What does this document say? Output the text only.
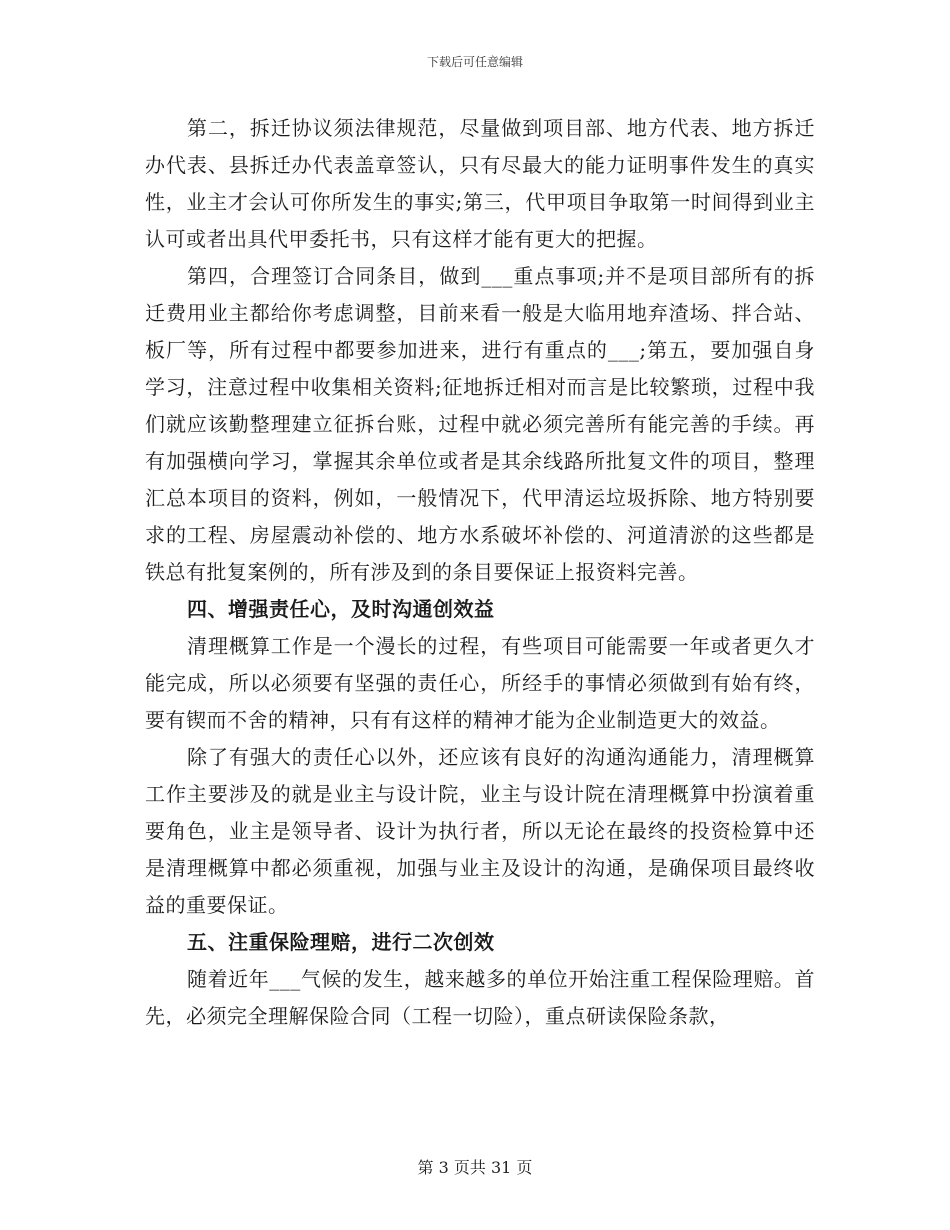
下载后可任意编辑

第二，拆迁协议须法律规范，尽量做到项目部、地方代表、地方拆迁办代表、县拆迁办代表盖章签认，只有尽最大的能力证明事件发生的真实性，业主才会认可你所发生的事实;第三，代甲项目争取第一时间得到业主认可或者出具代甲委托书，只有这样才能有更大的把握。

第四，合理签订合同条目，做到___重点事项;并不是项目部所有的拆迁费用业主都给你考虑调整，目前来看一般是大临用地弃渣场、拌合站、板厂等，所有过程中都要参加进来，进行有重点的___;第五，要加强自身学习，注意过程中收集相关资料;征地拆迁相对而言是比较繁琐，过程中我们就应该勤整理建立征拆台账，过程中就必须完善所有能完善的手续。再有加强横向学习，掌握其余单位或者是其余线路所批复文件的项目，整理汇总本项目的资料，例如，一般情况下，代甲清运垃圾拆除、地方特别要求的工程、房屋震动补偿的、地方水系破坏补偿的、河道清淤的这些都是铁总有批复案例的，所有涉及到的条目要保证上报资料完善。

四、增强责任心，及时沟通创效益

清理概算工作是一个漫长的过程，有些项目可能需要一年或者更久才能完成，所以必须要有坚强的责任心，所经手的事情必须做到有始有终，要有锲而不舍的精神，只有有这样的精神才能为企业制造更大的效益。

除了有强大的责任心以外，还应该有良好的沟通沟通能力，清理概算工作主要涉及的就是业主与设计院，业主与设计院在清理概算中扮演着重要角色，业主是领导者、设计为执行者，所以无论在最终的投资检算中还是清理概算中都必须重视，加强与业主及设计的沟通，是确保项目最终收益的重要保证。

五、注重保险理赔，进行二次创效

随着近年___气候的发生，越来越多的单位开始注重工程保险理赔。首先，必须完全理解保险合同（工程一切险），重点研读保险条款，

第 3 页共 31 页
